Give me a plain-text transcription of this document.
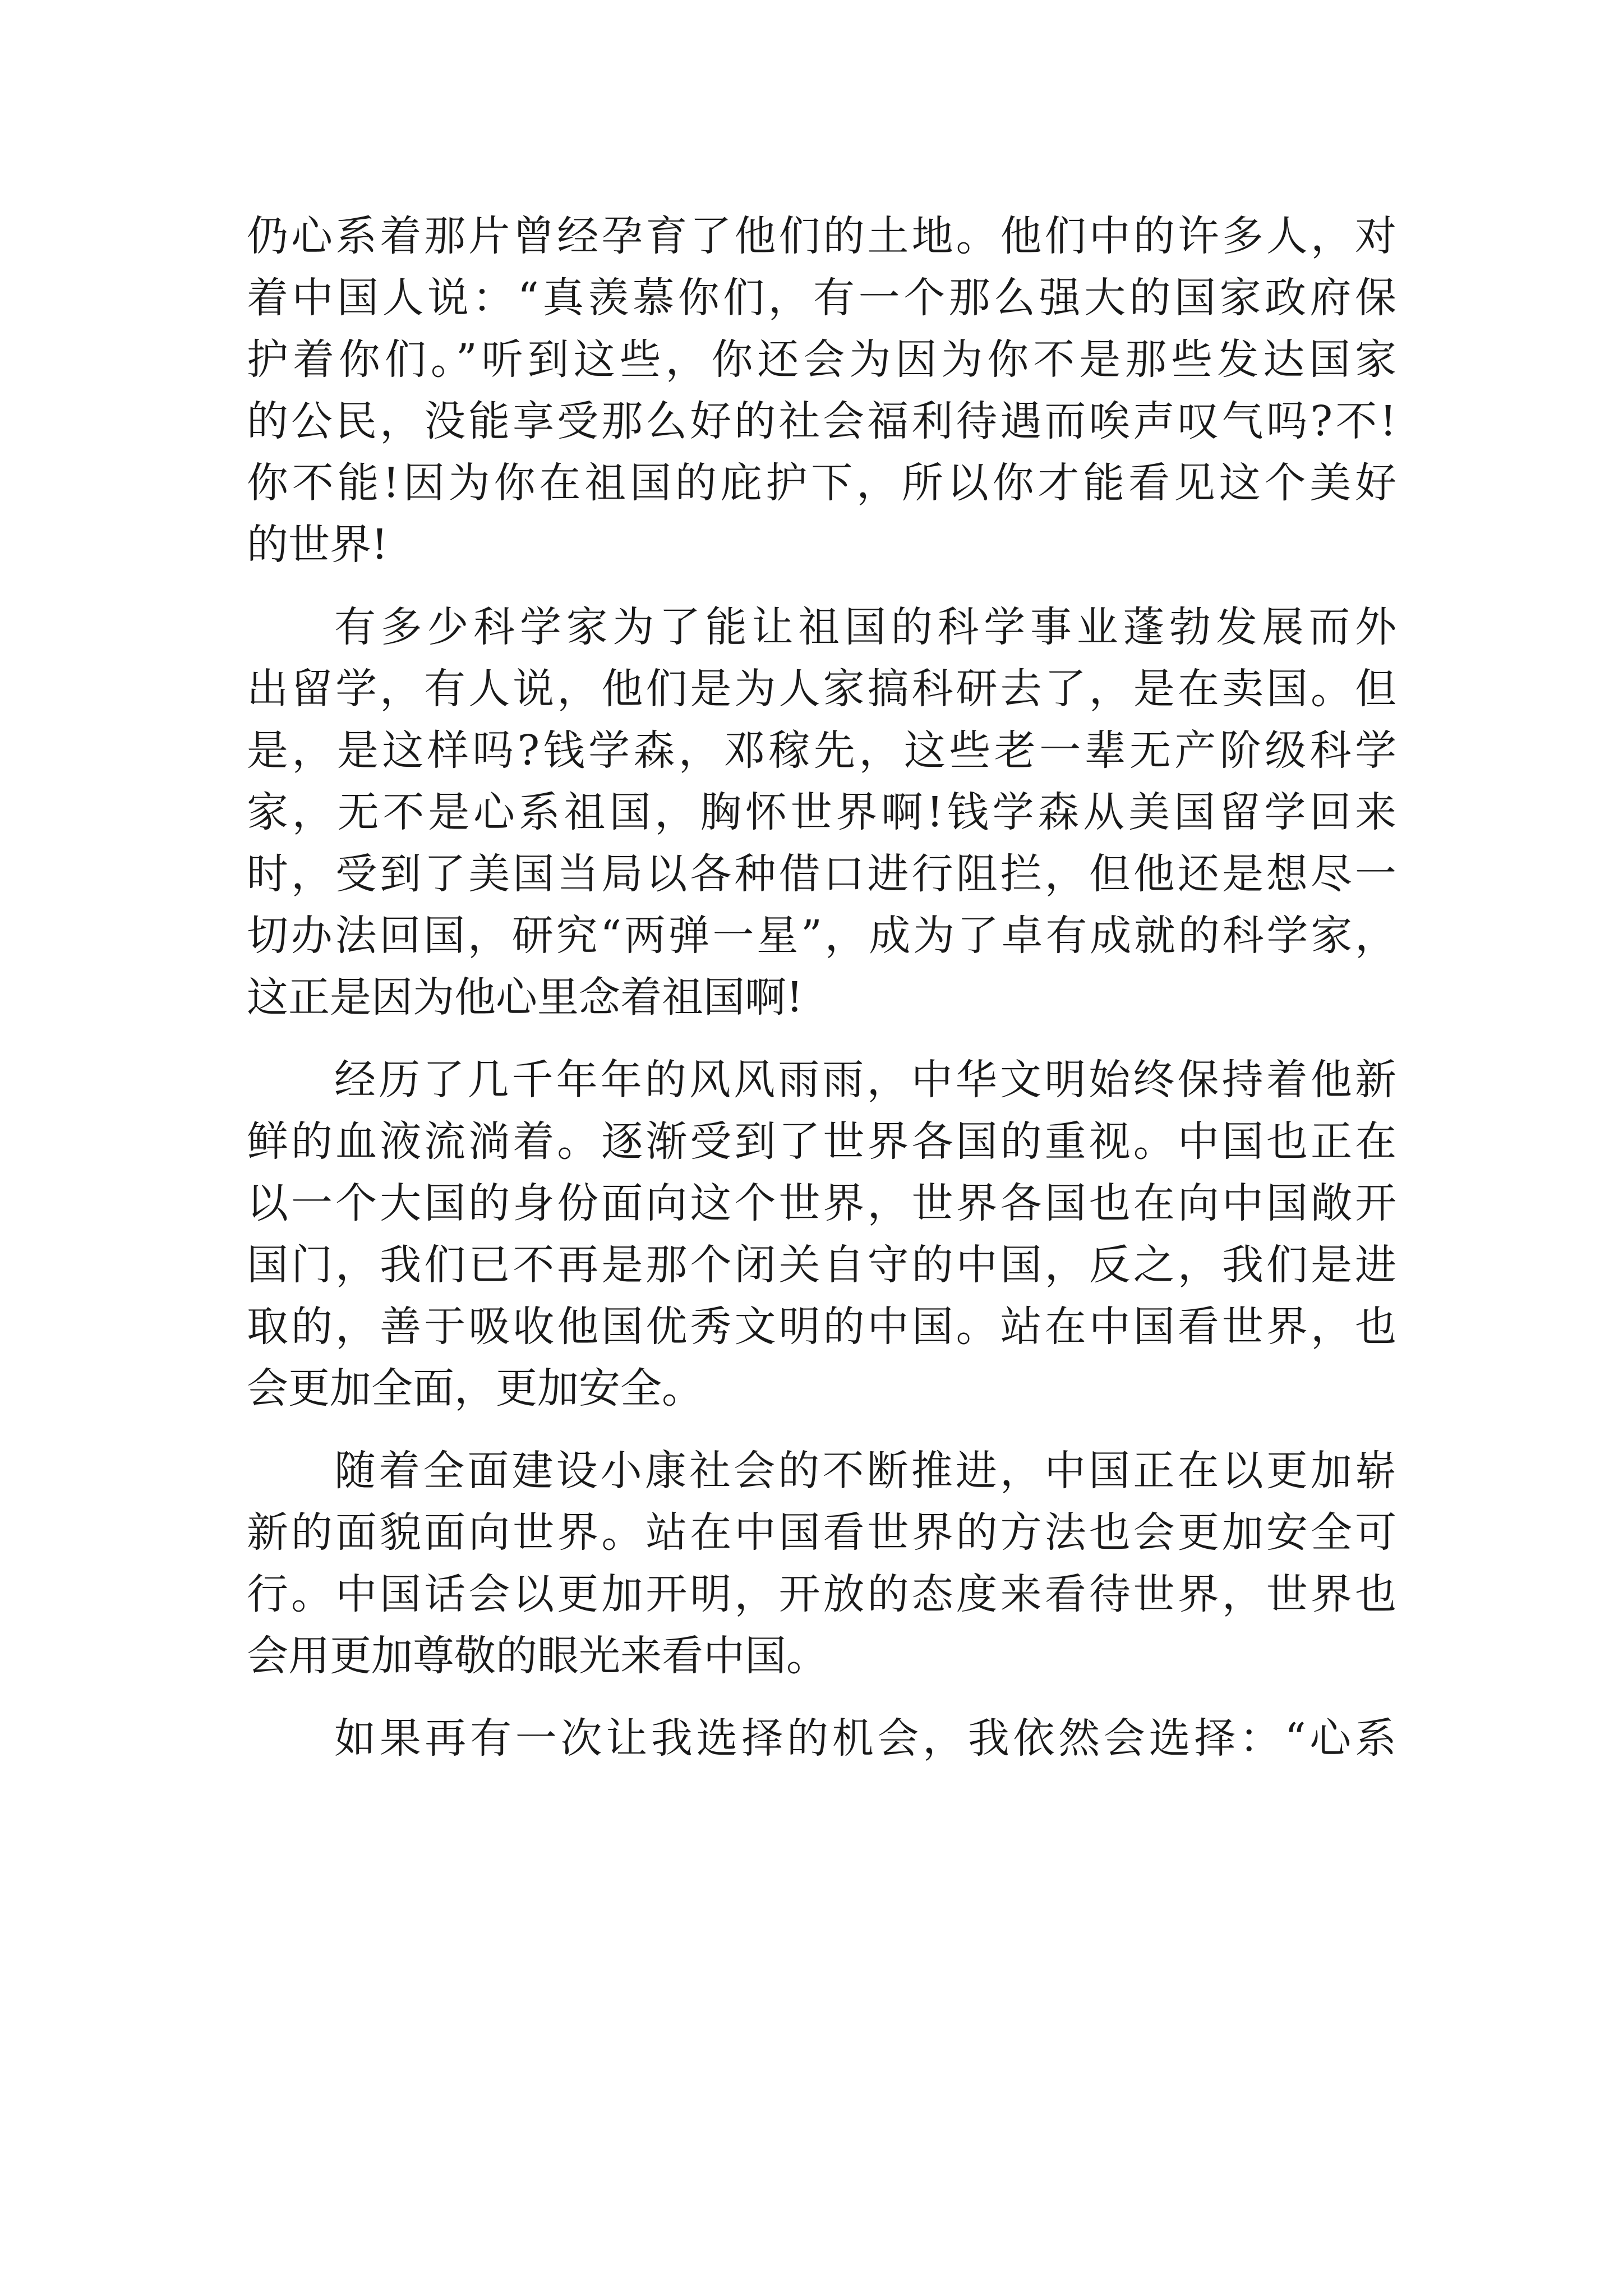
仍心系着那片曾经孕育了他们的土地。他们中的许多人，对
着中国人说：“真羡慕你们，有一个那么强大的国家政府保
护着你们。”听到这些，你还会为因为你不是那些发达国家
的公民，没能享受那么好的社会福利待遇而唉声叹气吗?不!
你不能!因为你在祖国的庇护下，所以你才能看见这个美好
的世界!
有多少科学家为了能让祖国的科学事业蓬勃发展而外
出留学，有人说，他们是为人家搞科研去了，是在卖国。但
是，是这样吗?钱学森，邓稼先，这些老一辈无产阶级科学
家，无不是心系祖国，胸怀世界啊!钱学森从美国留学回来
时，受到了美国当局以各种借口进行阻拦，但他还是想尽一
切办法回国，研究“两弹一星”，成为了卓有成就的科学家，
这正是因为他心里念着祖国啊!
经历了几千年年的风风雨雨，中华文明始终保持着他新
鲜的血液流淌着。逐渐受到了世界各国的重视。中国也正在
以一个大国的身份面向这个世界，世界各国也在向中国敞开
国门，我们已不再是那个闭关自守的中国，反之，我们是进
取的，善于吸收他国优秀文明的中国。站在中国看世界，也
会更加全面，更加安全。
随着全面建设小康社会的不断推进，中国正在以更加崭
新的面貌面向世界。站在中国看世界的方法也会更加安全可
行。中国话会以更加开明，开放的态度来看待世界，世界也
会用更加尊敬的眼光来看中国。
如果再有一次让我选择的机会，我依然会选择：“心系
